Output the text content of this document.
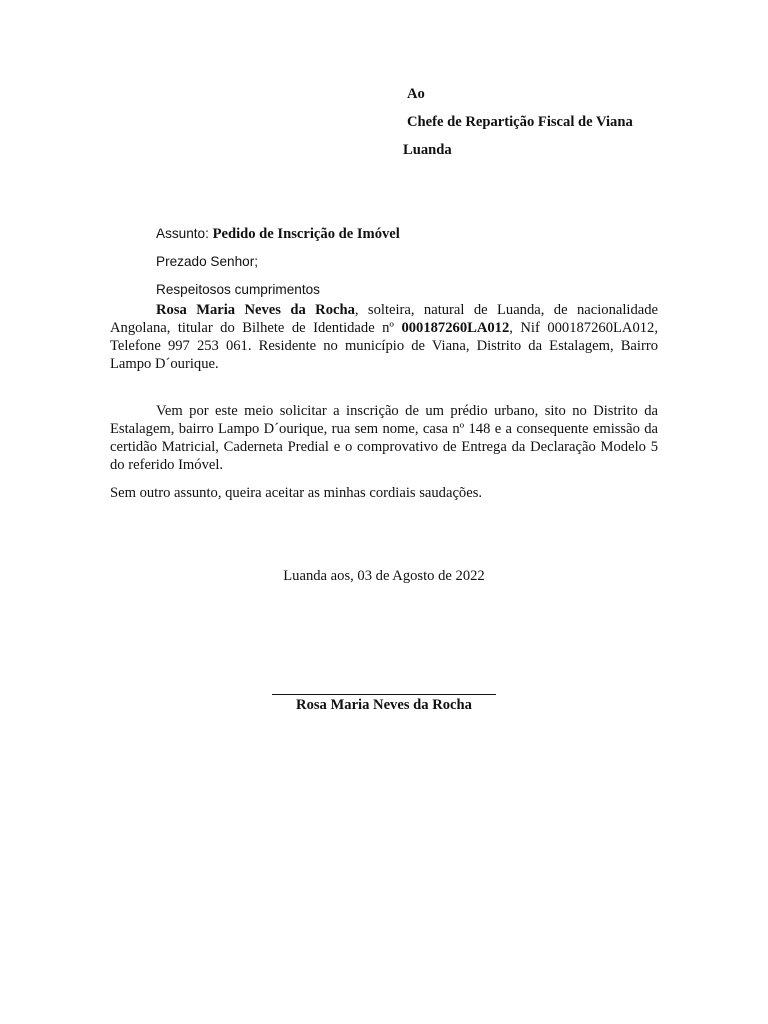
Ao
Chefe de Repartição Fiscal de Viana
Luanda
Assunto: Pedido de Inscrição de Imóvel
Prezado Senhor;
Respeitosos cumprimentos
Rosa Maria Neves da Rocha, solteira, natural de Luanda, de nacionalidade Angolana, titular do Bilhete de Identidade nº 000187260LA012, Nif 000187260LA012, Telefone 997 253 061. Residente no município de Viana, Distrito da Estalagem, Bairro Lampo D´ourique.
Vem por este meio solicitar a inscrição de um prédio urbano, sito no Distrito da Estalagem, bairro Lampo D´ourique, rua sem nome, casa nº 148 e a consequente emissão da certidão Matricial, Caderneta Predial e o comprovativo de Entrega da Declaração Modelo 5 do referido Imóvel.
Sem outro assunto, queira aceitar as minhas cordiais saudações.
Luanda aos, 03 de Agosto de 2022
Rosa Maria Neves da Rocha
